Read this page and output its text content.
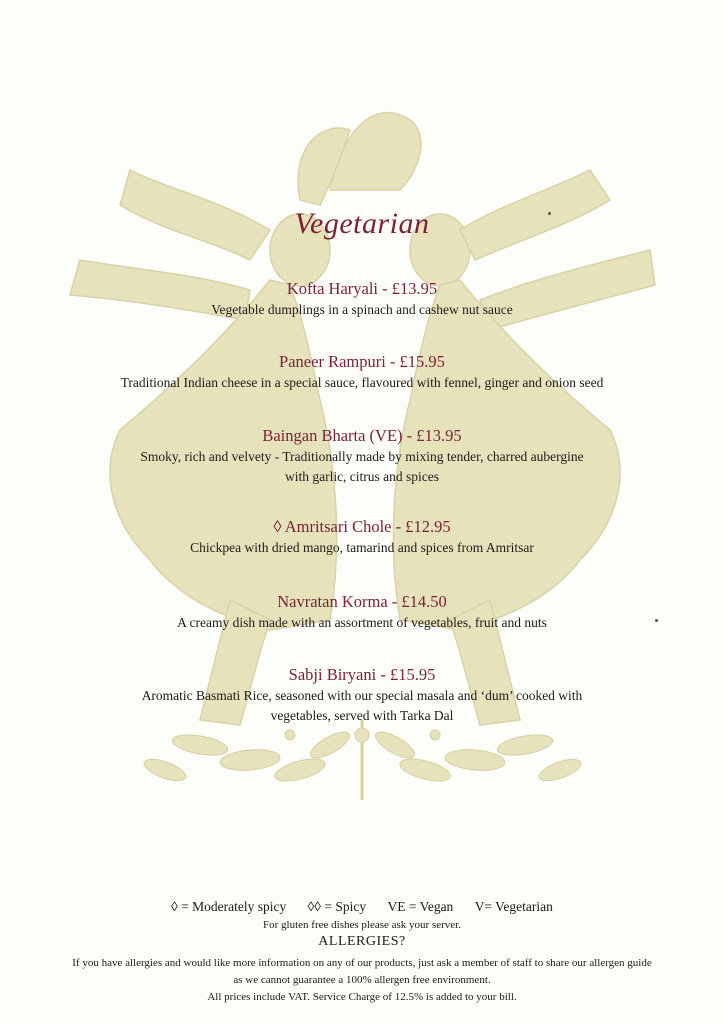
Vegetarian
Kofta Haryali - £13.95
Vegetable dumplings in a spinach and cashew nut sauce
Paneer Rampuri - £15.95
Traditional Indian cheese in a special sauce, flavoured with fennel, ginger and onion seed
Baingan Bharta (VE) - £13.95
Smoky, rich and velvety - Traditionally made by mixing tender, charred aubergine
with garlic, citrus and spices
◊ Amritsari Chole - £12.95
Chickpea with dried mango, tamarind and spices from Amritsar
Navratan Korma - £14.50
A creamy dish made with an assortment of vegetables, fruit and nuts
Sabji Biryani - £15.95
Aromatic Basmati Rice, seasoned with our special masala and ‘dum’ cooked with
vegetables, served with Tarka Dal
◊ = Moderately spicy ◊◊ = Spicy VE = Vegan V= Vegetarian
For gluten free dishes please ask your server.
ALLERGIES?
If you have allergies and would like more information on any of our products, just ask a member of staff to share our allergen guide
as we cannot guarantee a 100% allergen free environment.
All prices include VAT. Service Charge of 12.5% is added to your bill.
